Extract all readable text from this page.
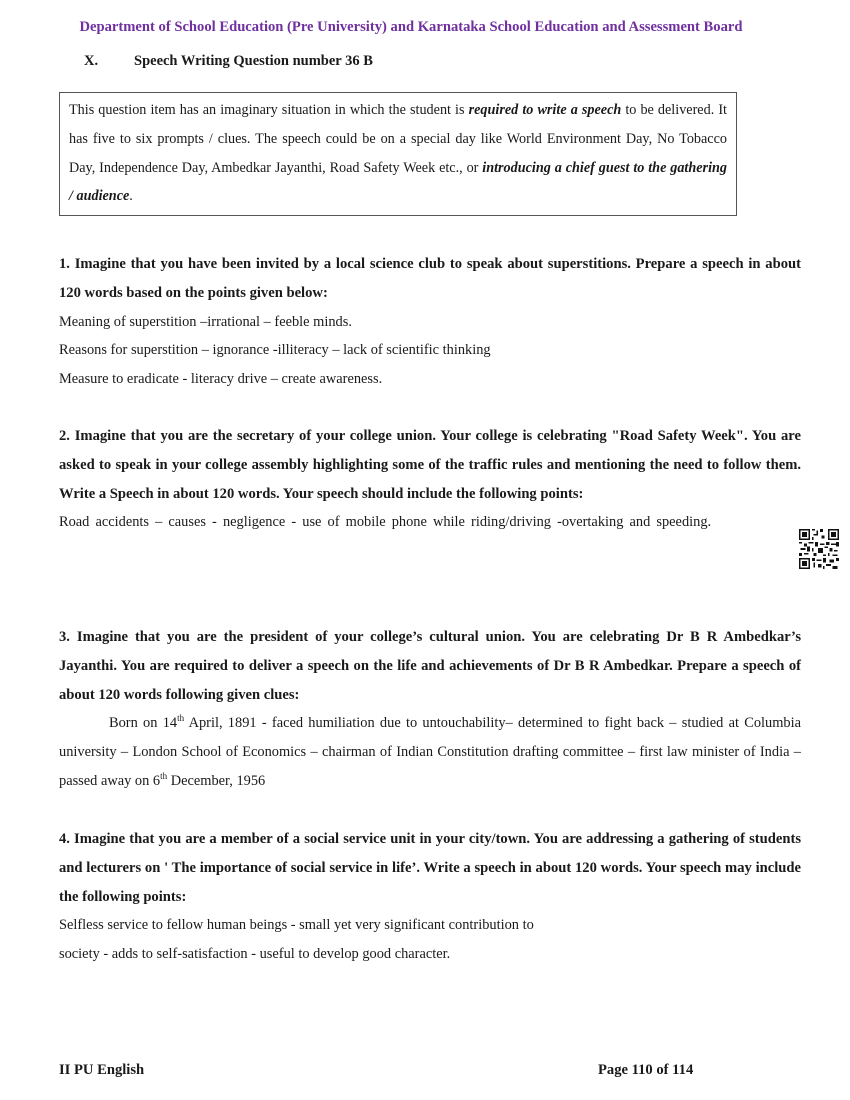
Department of School Education (Pre University) and Karnataka School Education and Assessment Board
X. Speech Writing Question number 36 B
This question item has an imaginary situation in which the student is required to write a speech to be delivered. It has five to six prompts / clues. The speech could be on a special day like World Environment Day, No Tobacco Day, Independence Day, Ambedkar Jayanthi, Road Safety Week etc., or introducing a chief guest to the gathering / audience.
1. Imagine that you have been invited by a local science club to speak about superstitions. Prepare a speech in about 120 words based on the points given below:
Meaning of superstition –irrational – feeble minds.
Reasons for superstition – ignorance -illiteracy – lack of scientific thinking
Measure to eradicate - literacy drive – create awareness.
2. Imagine that you are the secretary of your college union. Your college is celebrating "Road Safety Week". You are asked to speak in your college assembly highlighting some of the traffic rules and mentioning the need to follow them. Write a Speech in about 120 words. Your speech should include the following points:
Road accidents – causes - negligence - use of mobile phone while riding/driving -overtaking and speeding.
3. Imagine that you are the president of your college’s cultural union. You are celebrating Dr B R Ambedkar’s Jayanthi. You are required to deliver a speech on the life and achievements of Dr B R Ambedkar. Prepare a speech of about 120 words following given clues:
Born on 14th April, 1891 - faced humiliation due to untouchability– determined to fight back – studied at Columbia university – London School of Economics – chairman of Indian Constitution drafting committee – first law minister of India – passed away on 6th December, 1956
4. Imagine that you are a member of a social service unit in your city/town. You are addressing a gathering of students and lecturers on ' The importance of social service in life’. Write a speech in about 120 words. Your speech may include the following points:
Selfless service to fellow human beings - small yet very significant contribution to
society - adds to self-satisfaction - useful to develop good character.
II PU English	Page 110 of 114
